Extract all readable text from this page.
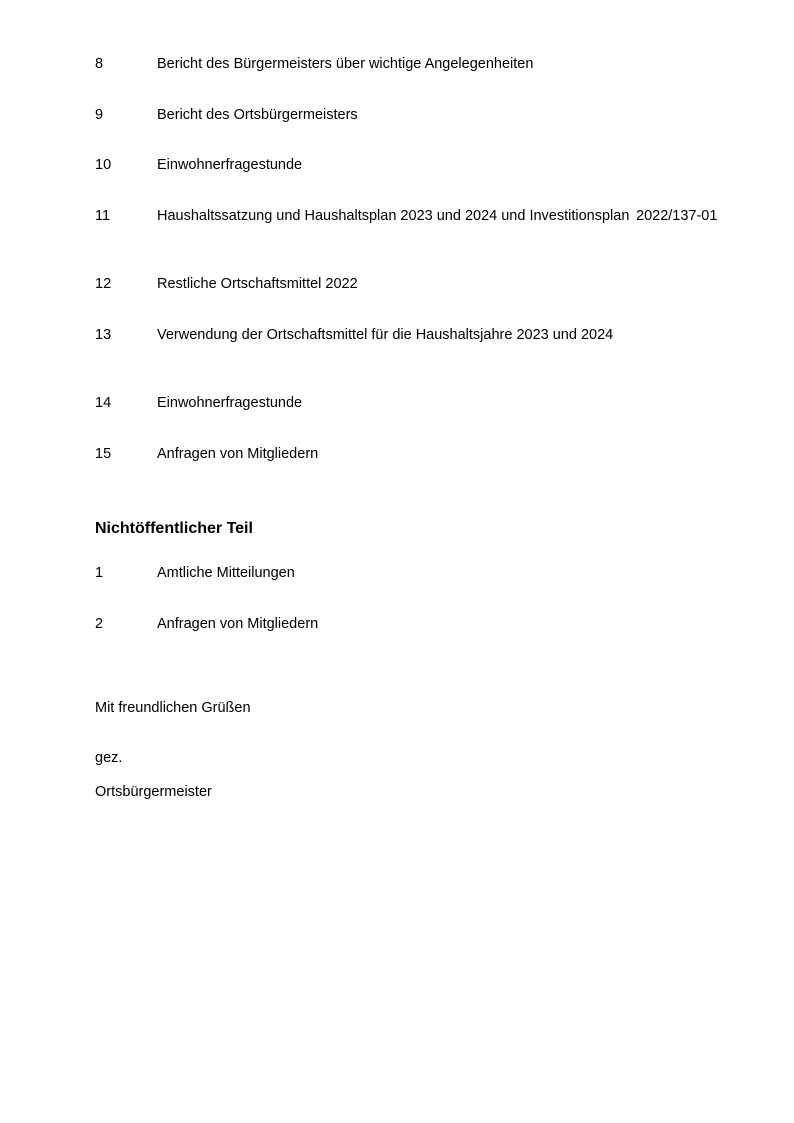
8	Bericht des Bürgermeisters über wichtige Angelegenheiten
9	Bericht des Ortsbürgermeisters
10	Einwohnerfragestunde
11	Haushaltssatzung und Haushaltsplan 2023 und 2024 und Investitionsplan 2022/137-01
12	Restliche Ortschaftsmittel 2022
13	Verwendung der Ortschaftsmittel für die Haushaltsjahre 2023 und 2024
14	Einwohnerfragestunde
15	Anfragen von Mitgliedern
Nichtöffentlicher Teil
1	Amtliche Mitteilungen
2	Anfragen von Mitgliedern
Mit freundlichen Grüßen
gez.
Ortsbürgermeister
